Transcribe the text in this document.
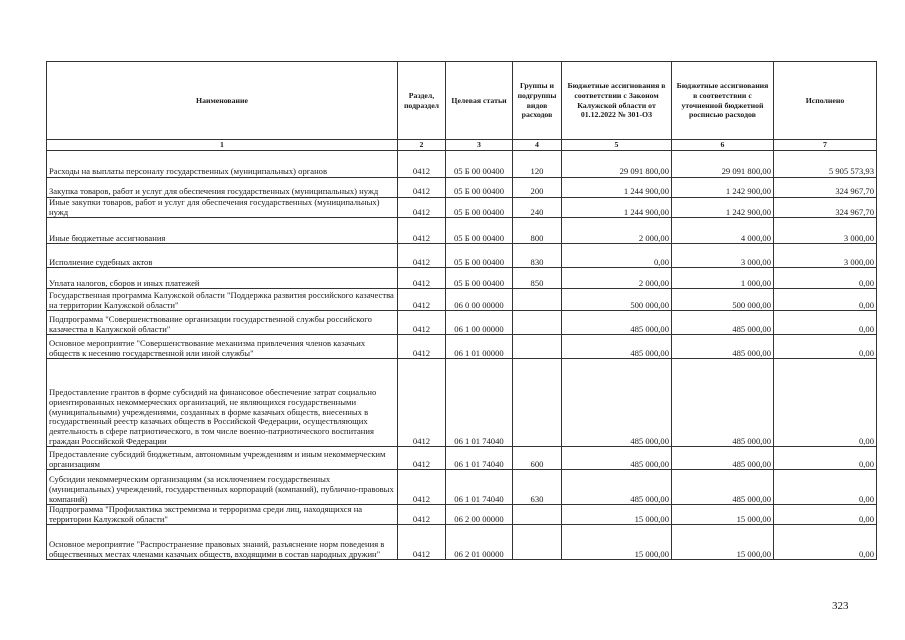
Наименование	Раздел, подраздел	Целевая статьи	Группы и подгруппы видов расходов	Бюджетные ассигнования в соответствии с Законом Калужской области от 01.12.2022 № 301-ОЗ	Бюджетные ассигнования в соответствии с уточненной бюджетной росписью расходов	Исполнено
1	2	3	4	5	6	7
Расходы на выплаты персоналу государственных (муниципальных) органов	0412	05 Б 00 00400	120	29 091 800,00	29 091 800,00	5 905 573,93
Закупка товаров, работ и услуг для обеспечения государственных (муниципальных) нужд	0412	05 Б 00 00400	200	1 244 900,00	1 242 900,00	324 967,70
Иные закупки товаров, работ и услуг для обеспечения государственных (муниципальных) нужд	0412	05 Б 00 00400	240	1 244 900,00	1 242 900,00	324 967,70
Иные бюджетные ассигнования	0412	05 Б 00 00400	800	2 000,00	4 000,00	3 000,00
Исполнение судебных актов	0412	05 Б 00 00400	830	0,00	3 000,00	3 000,00
Уплата налогов, сборов и иных платежей	0412	05 Б 00 00400	850	2 000,00	1 000,00	0,00
Государственная программа Калужской области "Поддержка развития российского казачества на территории Калужской области"	0412	06 0 00 00000		500 000,00	500 000,00	0,00
Подпрограмма "Совершенствование организации государственной службы российского казачества в Калужской области"	0412	06 1 00 00000		485 000,00	485 000,00	0,00
Основное мероприятие "Совершенствование механизма привлечения членов казачьих обществ к несению государственной или иной службы"	0412	06 1 01 00000		485 000,00	485 000,00	0,00
Предоставление грантов в форме субсидий на финансовое обеспечение затрат социально ориентированных некоммерческих организаций, не являющихся государственными (муниципальными) учреждениями, созданных в форме казачьих обществ, внесенных в государственный реестр казачьих обществ в Российской Федерации, осуществляющих деятельность в сфере патриотического, в том числе военно-патриотического воспитания граждан Российской Федерации	0412	06 1 01 74040		485 000,00	485 000,00	0,00
Предоставление субсидий бюджетным, автономным учреждениям и иным некоммерческим организациям	0412	06 1 01 74040	600	485 000,00	485 000,00	0,00
Субсидии некоммерческим организациям (за исключением государственных (муниципальных) учреждений, государственных корпораций (компаний), публично-правовых компаний)	0412	06 1 01 74040	630	485 000,00	485 000,00	0,00
Подпрограмма "Профилактика экстремизма и терроризма среди лиц, находящихся на территории Калужской области"	0412	06 2 00 00000		15 000,00	15 000,00	0,00
Основное мероприятие "Распространение правовых знаний, разъяснение норм поведения в общественных местах членами казачьих обществ, входящими в состав народных дружин"	0412	06 2 01 00000		15 000,00	15 000,00	0,00
323
